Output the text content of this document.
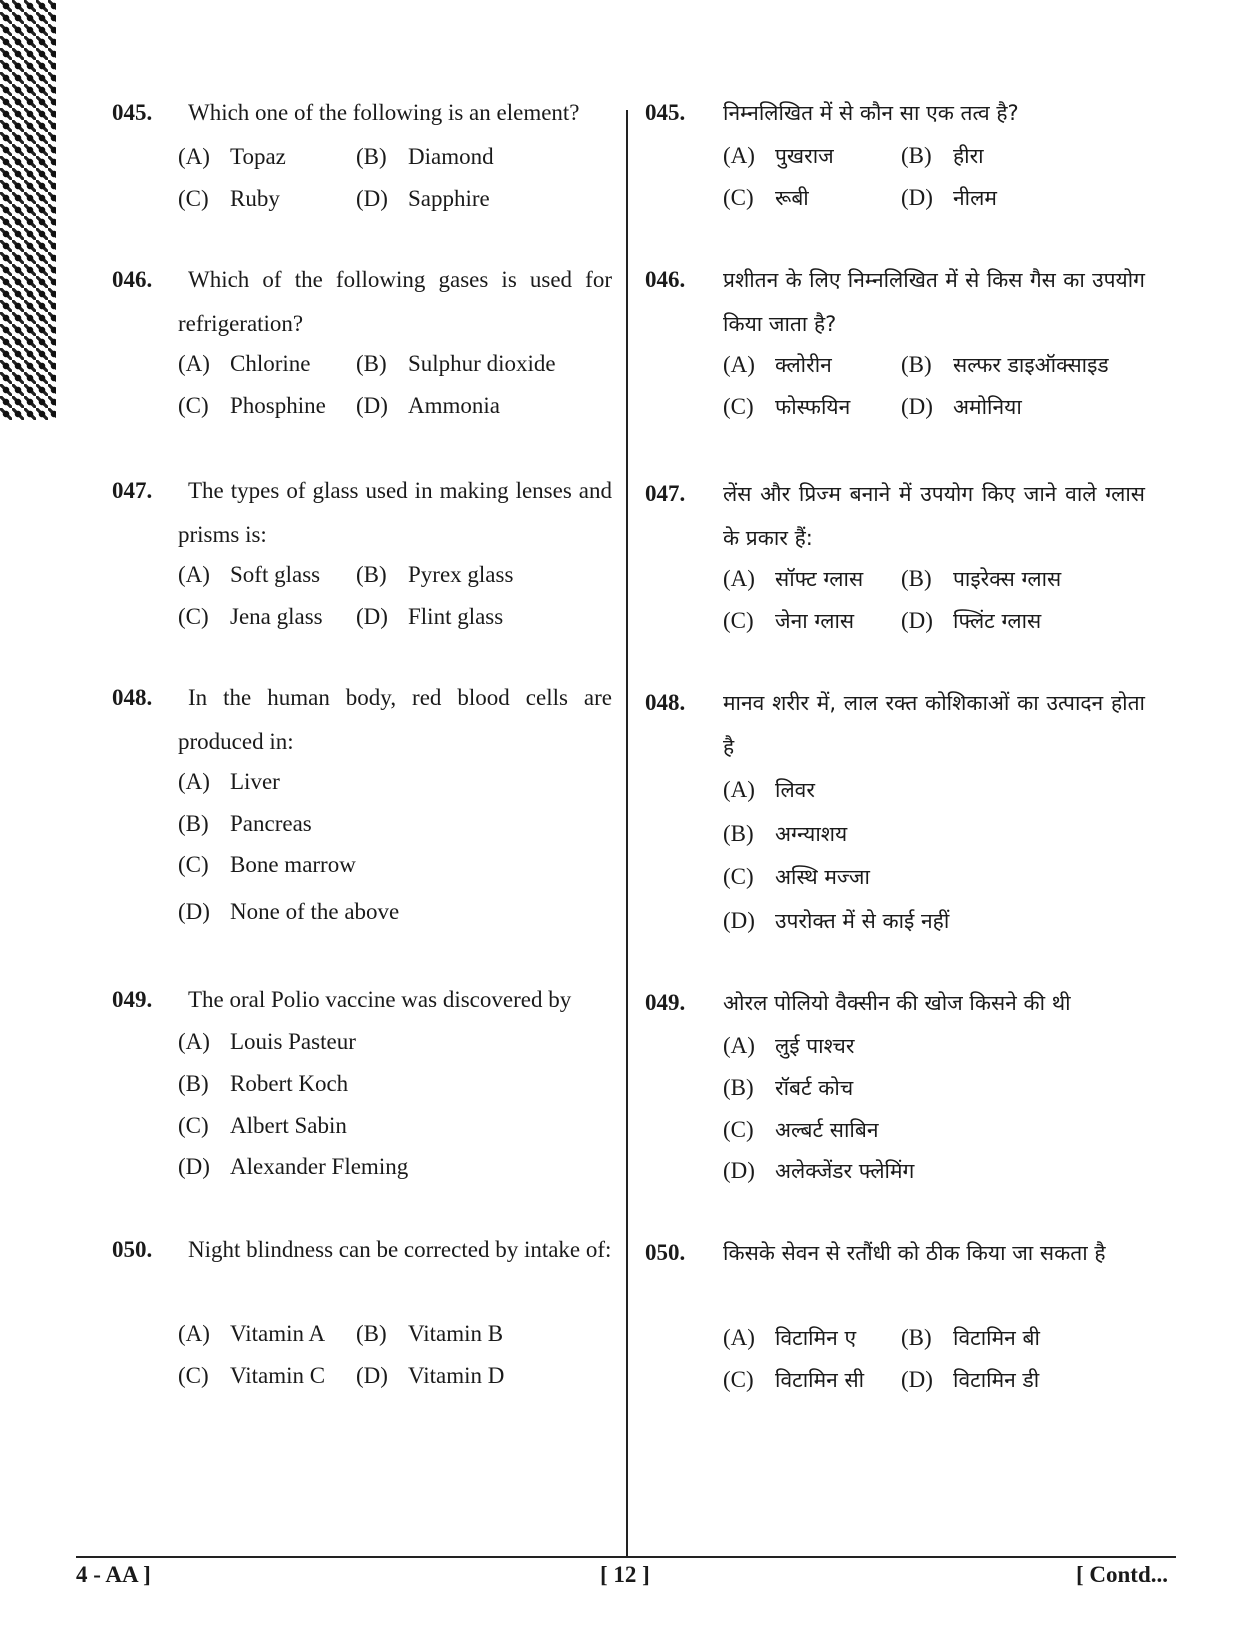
045. Which one of the following is an element?
(A) Topaz	(B) Diamond
(C) Ruby	(D) Sapphire
046.	Which of the following gases is used for refrigeration?
(A) Chlorine (B) Sulphur dioxide
(C) Phosphine (D) Ammonia
047.	The types of glass used in making lenses and prisms is:
(A) Soft glass (B) Pyrex glass
(C) Jena glass (D) Flint glass
048.	In the human body, red blood cells are produced in:
(A) Liver
(B) Pancreas
(C) Bone marrow
(D) None of the above
049.	The oral Polio vaccine was discovered by
(A) Louis Pasteur
(B) Robert Koch
(C) Albert Sabin
(D) Alexander Fleming
050.	Night blindness can be corrected by intake of:
(A) Vitamin A (B) Vitamin B
(C) Vitamin C (D) Vitamin D
045. निम्नलिखित में से कौन सा एक तत्व है?
(A) पुखराज	(B) हीरा
(C) रूबी	(D) नीलम
046. प्रशीतन के लिए निम्नलिखित में से किस गैस का उपयोग किया जाता है?
(A) क्लोरीन	(B) सल्फर डाइऑक्साइड
(C) फोस्फयिन (D) अमोनिया
047. लेंस और प्रिज्म बनाने में उपयोग किए जाने वाले ग्लास के प्रकार हैं:
(A) सॉफ्ट ग्लास (B) पाइरेक्स ग्लास
(C) जेना ग्लास (D) फ्लिंट ग्लास
048. मानव शरीर में, लाल रक्त कोशिकाओं का उत्पादन होता है
(A) लिवर
(B) अग्न्याशय
(C) अस्थि मज्जा
(D) उपरोक्त में से काई नहीं
049. ओरल पोलियो वैक्सीन की खोज किसने की थी
(A) लुई पाश्चर
(B) रॉबर्ट कोच
(C) अल्बर्ट साबिन
(D) अलेक्जेंडर फ्लेमिंग
050. किसके सेवन से रतौंधी को ठीक किया जा सकता है
(A) विटामिन ए (B) विटामिन बी
(C) विटामिन सी (D) विटामिन डी
4 - AA ]	[ 12 ]	[ Contd...
